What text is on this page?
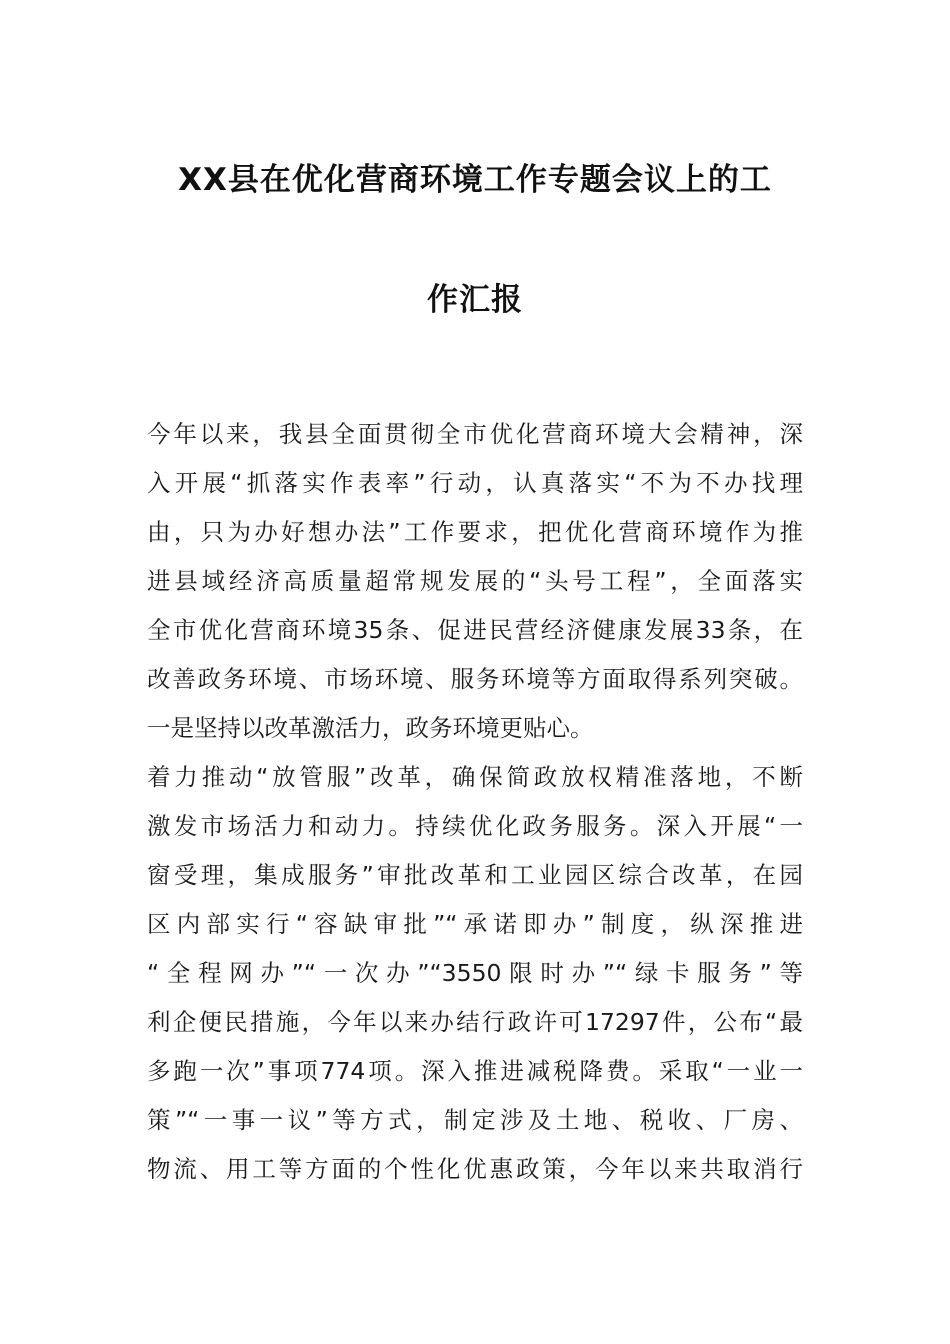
XX县在优化营商环境工作专题会议上的工
作汇报
今年以来，我县全面贯彻全市优化营商环境大会精神，深
入开展“抓落实作表率”行动，认真落实“不为不办找理
由，只为办好想办法”工作要求，把优化营商环境作为推
进县域经济高质量超常规发展的“头号工程”，全面落实
全市优化营商环境35条、促进民营经济健康发展33条，在
改善政务环境、市场环境、服务环境等方面取得系列突破。
一是坚持以改革激活力，政务环境更贴心。
着力推动“放管服”改革，确保简政放权精准落地，不断
激发市场活力和动力。持续优化政务服务。深入开展“一
窗受理，集成服务”审批改革和工业园区综合改革，在园
区内部实行“容缺审批”“承诺即办”制度，纵深推进
“全程网办”“一次办”“3550限时办”“绿卡服务”等
利企便民措施，今年以来办结行政许可17297件，公布“最
多跑一次”事项774项。深入推进减税降费。采取“一业一
策”“一事一议”等方式，制定涉及土地、税收、厂房、
物流、用工等方面的个性化优惠政策，今年以来共取消行
